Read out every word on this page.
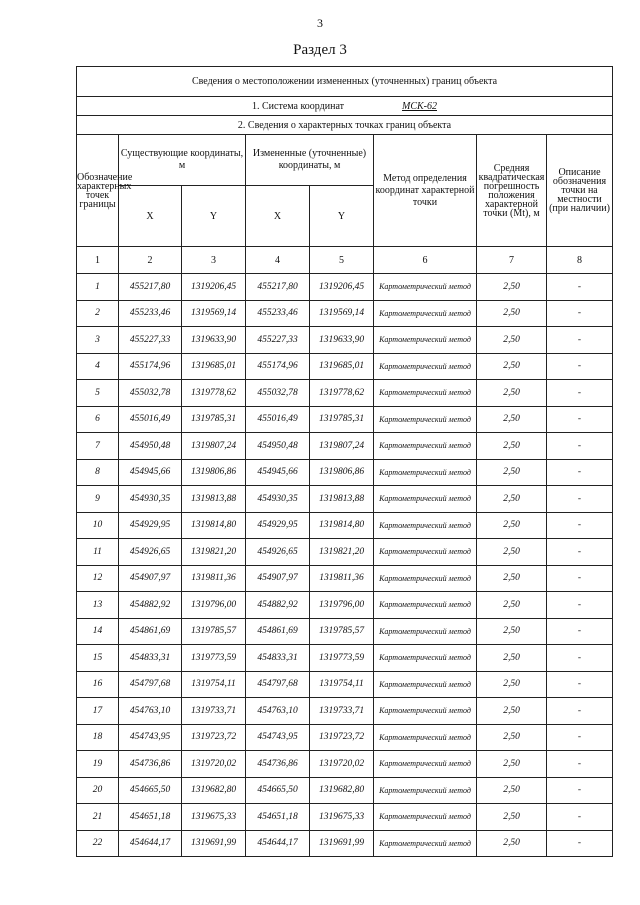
3
Раздел 3
Сведения о местоположении измененных (уточненных) границ объекта							
1. Система координат МСК-62							
2. Сведения о характерных точках границ объекта							
Обозначение характерных точек границы	Существующие координаты, м		Измененные (уточненные) координаты, м		Метод определения координат характерной точки	Средняя квадратическая погрешность положения характерной точки (Mt), м	Описание обозначения точки на местности (при наличии)
	X	Y	X	Y			
1	2	3	4	5	6	7	8
1	455217,80	1319206,45	455217,80	1319206,45	Картометрический метод	2,50	-
2	455233,46	1319569,14	455233,46	1319569,14	Картометрический метод	2,50	-
3	455227,33	1319633,90	455227,33	1319633,90	Картометрический метод	2,50	-
4	455174,96	1319685,01	455174,96	1319685,01	Картометрический метод	2,50	-
5	455032,78	1319778,62	455032,78	1319778,62	Картометрический метод	2,50	-
6	455016,49	1319785,31	455016,49	1319785,31	Картометрический метод	2,50	-
7	454950,48	1319807,24	454950,48	1319807,24	Картометрический метод	2,50	-
8	454945,66	1319806,86	454945,66	1319806,86	Картометрический метод	2,50	-
9	454930,35	1319813,88	454930,35	1319813,88	Картометрический метод	2,50	-
10	454929,95	1319814,80	454929,95	1319814,80	Картометрический метод	2,50	-
11	454926,65	1319821,20	454926,65	1319821,20	Картометрический метод	2,50	-
12	454907,97	1319811,36	454907,97	1319811,36	Картометрический метод	2,50	-
13	454882,92	1319796,00	454882,92	1319796,00	Картометрический метод	2,50	-
14	454861,69	1319785,57	454861,69	1319785,57	Картометрический метод	2,50	-
15	454833,31	1319773,59	454833,31	1319773,59	Картометрический метод	2,50	-
16	454797,68	1319754,11	454797,68	1319754,11	Картометрический метод	2,50	-
17	454763,10	1319733,71	454763,10	1319733,71	Картометрический метод	2,50	-
18	454743,95	1319723,72	454743,95	1319723,72	Картометрический метод	2,50	-
19	454736,86	1319720,02	454736,86	1319720,02	Картометрический метод	2,50	-
20	454665,50	1319682,80	454665,50	1319682,80	Картометрический метод	2,50	-
21	454651,18	1319675,33	454651,18	1319675,33	Картометрический метод	2,50	-
22	454644,17	1319691,99	454644,17	1319691,99	Картометрический метод	2,50	-
